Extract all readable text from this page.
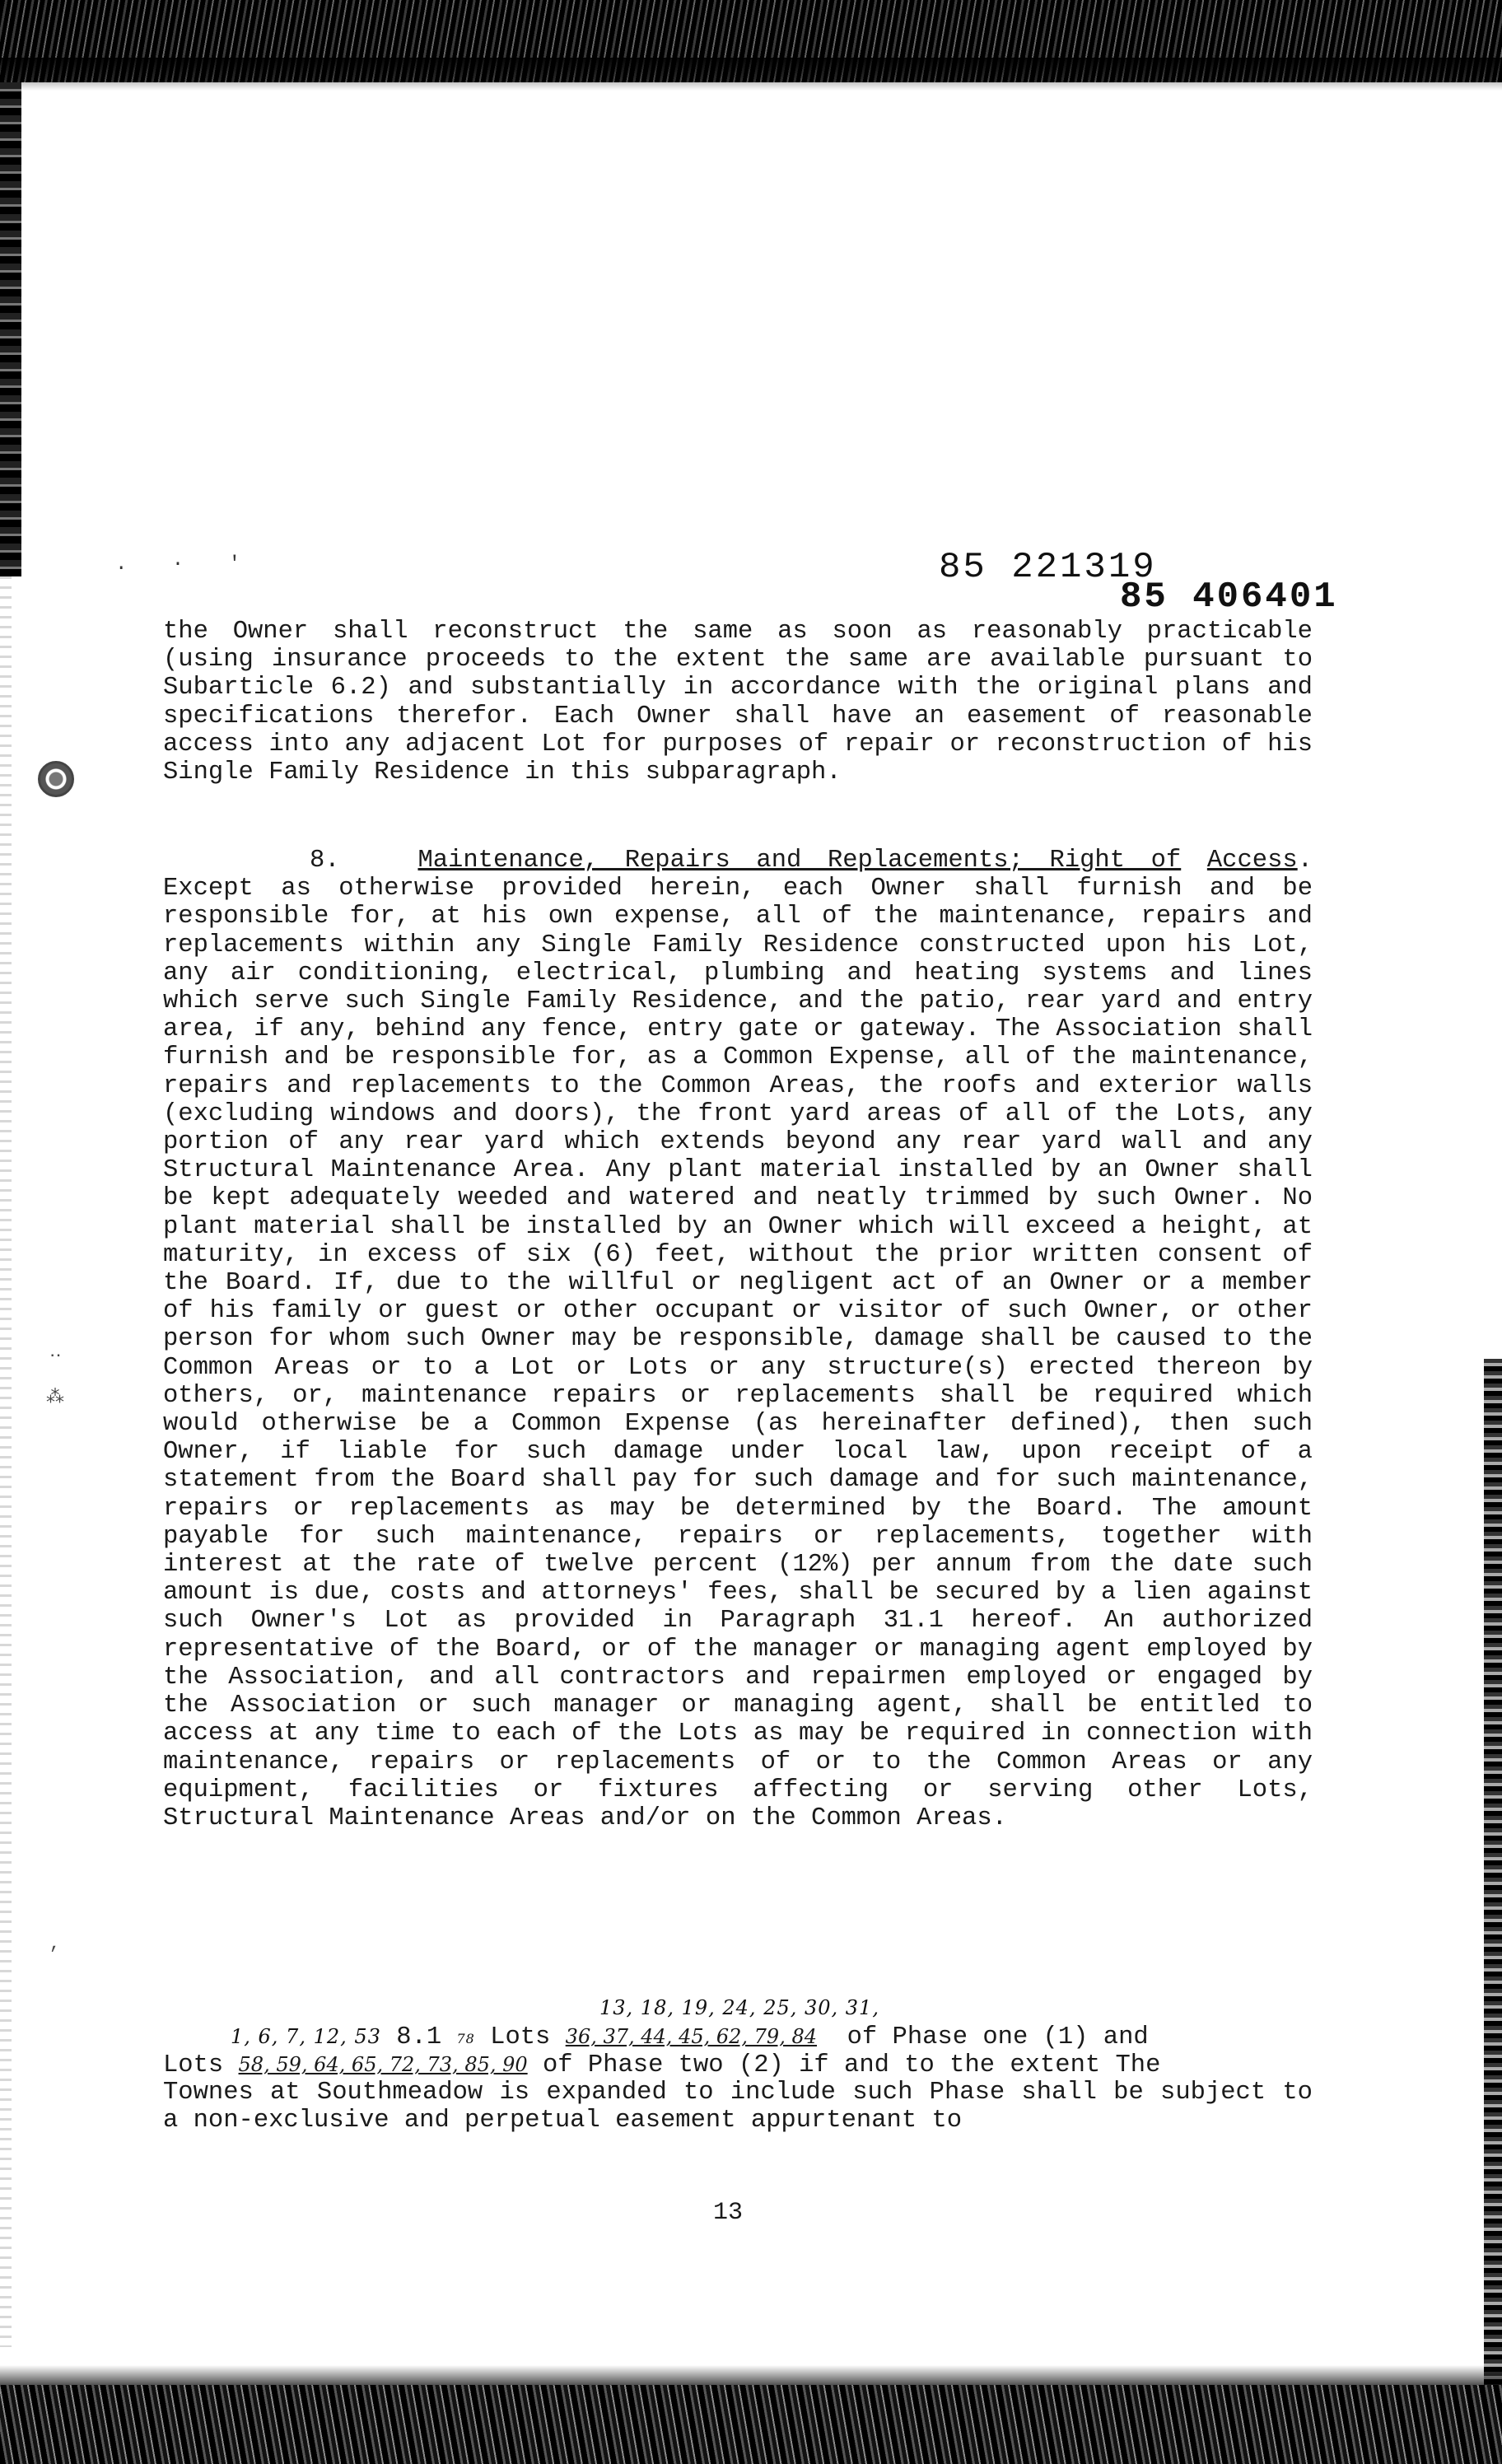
. · '
‥
⁂
,
85 221319
85 406401
the Owner shall reconstruct the same as soon as reasonably practicable (using insurance proceeds to the extent the same are available pursuant to Subarticle 6.2) and substantially in accordance with the original plans and specifications therefor. Each Owner shall have an easement of reasonable access into any adjacent Lot for purposes of repair or reconstruction of his Single Family Residence in this subparagraph.
8.	Maintenance, Repairs and Replacements; Right of Access. Except as otherwise provided herein, each Owner shall furnish and be responsible for, at his own expense, all of the maintenance, repairs and replacements within any Single Family Residence constructed upon his Lot, any air conditioning, electrical, plumbing and heating systems and lines which serve such Single Family Residence, and the patio, rear yard and entry area, if any, behind any fence, entry gate or gateway. The Association shall furnish and be responsible for, as a Common Expense, all of the maintenance, repairs and replacements to the Common Areas, the roofs and exterior walls (excluding windows and doors), the front yard areas of all of the Lots, any portion of any rear yard which extends beyond any rear yard wall and any Structural Maintenance Area. Any plant material installed by an Owner shall be kept adequately weeded and watered and neatly trimmed by such Owner. No plant material shall be installed by an Owner which will exceed a height, at maturity, in excess of six (6) feet, without the prior written consent of the Board. If, due to the willful or negligent act of an Owner or a member of his family or guest or other occupant or visitor of such Owner, or other person for whom such Owner may be responsible, damage shall be caused to the Common Areas or to a Lot or Lots or any structure(s) erected thereon by others, or, maintenance repairs or replacements shall be required which would otherwise be a Common Expense (as hereinafter defined), then such Owner, if liable for such damage under local law, upon receipt of a statement from the Board shall pay for such damage and for such maintenance, repairs or replacements as may be determined by the Board. The amount payable for such maintenance, repairs or replacements, together with interest at the rate of twelve percent (12%) per annum from the date such amount is due, costs and attorneys' fees, shall be secured by a lien against such Owner's Lot as provided in Paragraph 31.1 hereof. An authorized representative of the Board, or of the manager or managing agent employed by the Association, and all contractors and repairmen employed or engaged by the Association or such manager or managing agent, shall be entitled to access at any time to each of the Lots as may be required in connection with maintenance, repairs or replacements of or to the Common Areas or any equipment, facilities or fixtures affecting or serving other Lots, Structural Maintenance Areas and/or on the Common Areas.
13, 18, 19, 24, 25, 30, 31,
1, 6, 7, 12, 53 8.1 78 Lots 36, 37, 44, 45, 62, 79, 84 of Phase one (1) and
Lots 58, 59, 64, 65, 72, 73, 85, 90 of Phase two (2) if and to the extent The
Townes at Southmeadow is expanded to include such Phase shall be subject to a non-exclusive and perpetual easement appurtenant to
13
